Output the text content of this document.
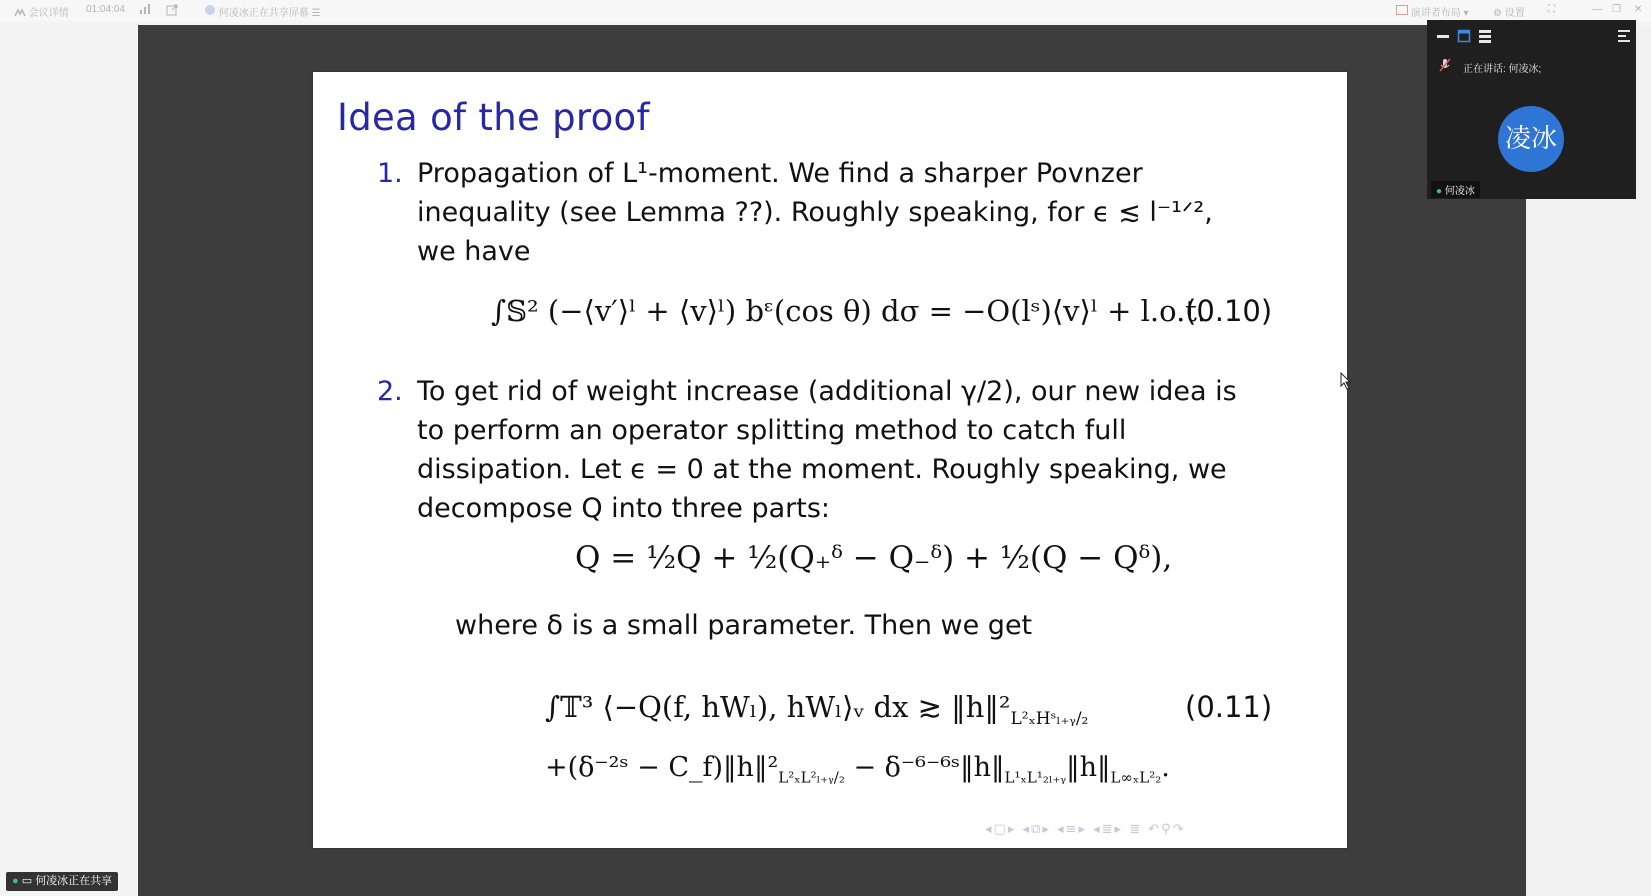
会议详情 01:04:04	何凌冰正在共享屏幕 ☰	演讲者布局 ▾ ⚙ 设置 ⛶	— ❐ ✕
Idea of the proof
1. Propagation of L¹-moment. We find a sharper Povnzer
inequality (see Lemma ??). Roughly speaking, for ϵ ≲ l⁻¹ᐟ²,
we have
∫𝕊² (−⟨v′⟩ˡ + ⟨v⟩ˡ) bᵋ(cos θ) dσ = −O(lˢ)⟨v⟩ˡ + l.o.t.
(0.10)
2. To get rid of weight increase (additional γ/2), our new idea is
to perform an operator splitting method to catch full
dissipation. Let ϵ = 0 at the moment. Roughly speaking, we
decompose Q into three parts:
Q = ½Q + ½(Q₊ᵟ − Q₋ᵟ) + ½(Q − Qᵟ),
where δ is a small parameter. Then we get
∫𝕋³ ⟨−Q(f, hWₗ), hWₗ⟩ᵥ dx ≳ $‖h‖^2_{L^2_xHˢ_{l+}ᵧ/_2}$	(0.11)
+(δ⁻²ˢ − $C\_f)‖h‖^2_{L^2_xL^2_{l+}ᵧ/_2}$ − $\delta^{-6-6}ˢ‖h‖_{L^1_xL^1_{2l+}ᵧ}‖h‖_{L\infty_xL^2_2}$.
◂▢▸ ◂⧉▸ ◂≡▸ ◂≣▸ ≣ ↶⚲↷
正在讲话: 何凌冰;
凌冰
● 何凌冰
● ▭ 何凌冰正在共享
